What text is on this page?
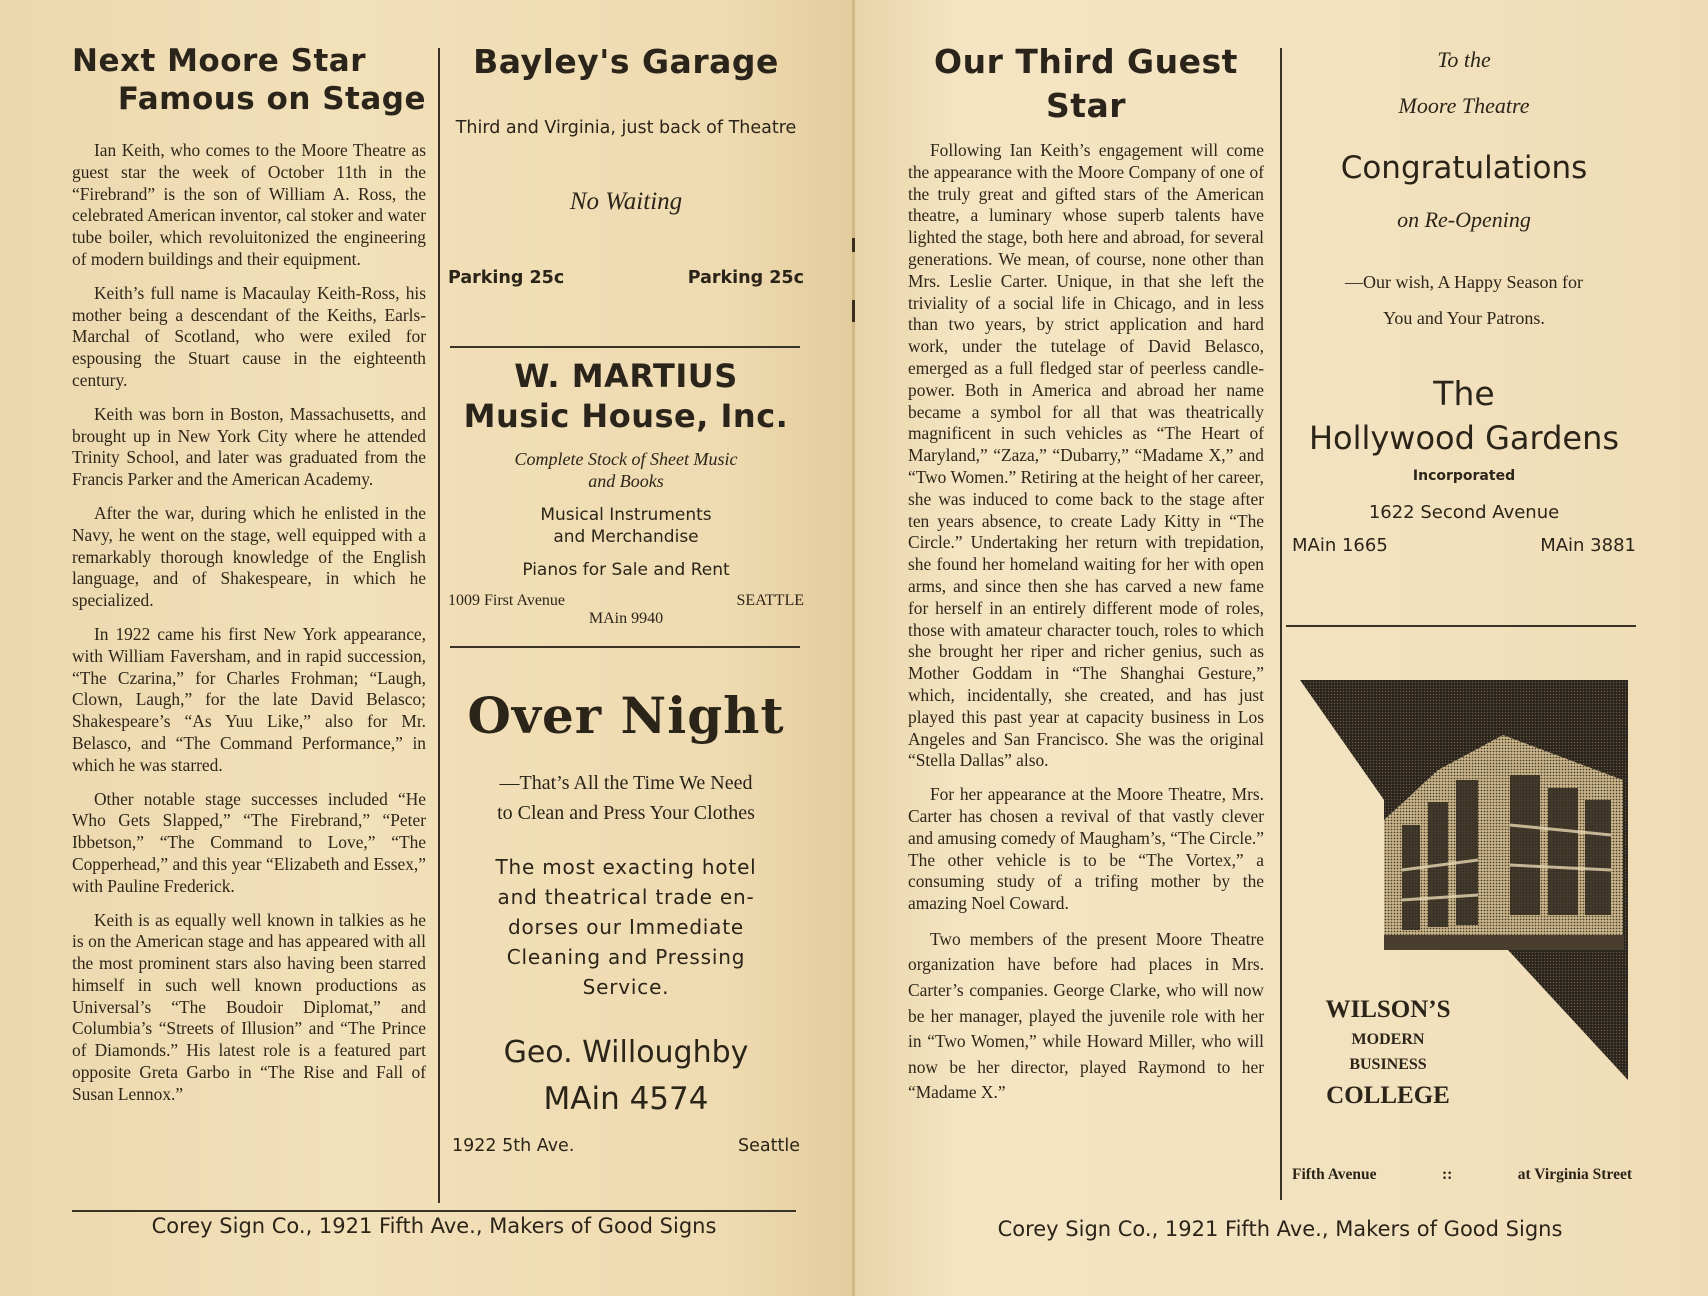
Next Moore Star
Famous on Stage

Ian Keith, who comes to the Moore Theatre as guest star the week of October 11th in the “Firebrand” is the son of William A. Ross, the celebrated American inventor, cal stoker and water tube boiler, which revoluitonized the engineering of modern buildings and their equipment.

Keith’s full name is Macaulay Keith-Ross, his mother being a descendant of the Keiths, Earls-Marchal of Scotland, who were exiled for espousing the Stuart cause in the eighteenth century.

Keith was born in Boston, Massachusetts, and brought up in New York City where he attended Trinity School, and later was graduated from the Francis Parker and the American Academy.

After the war, during which he enlisted in the Navy, he went on the stage, well equipped with a remarkably thorough knowledge of the English language, and of Shakespeare, in which he specialized.

In 1922 came his first New York appearance, with William Faversham, and in rapid succession, “The Czarina,” for Charles Frohman; “Laugh, Clown, Laugh,” for the late David Belasco; Shakespeare’s “As Yuu Like,” also for Mr. Belasco, and “The Command Performance,” in which he was starred.

Other notable stage successes included “He Who Gets Slapped,” “The Firebrand,” “Peter Ibbetson,” “The Command to Love,” “The Copperhead,” and this year “Elizabeth and Essex,” with Pauline Frederick.

Keith is as equally well known in talkies as he is on the American stage and has appeared with all the most prominent stars also having been starred himself in such well known productions as Universal’s “The Boudoir Diplomat,” and Columbia’s “Streets of Illusion” and “The Prince of Diamonds.” His latest role is a featured part opposite Greta Garbo in “The Rise and Fall of Susan Lennox.”

Bayley's Garage
Third and Virginia, just back of Theatre
No Waiting
Parking 25c	Parking 25c
W. MARTIUS
Music House, Inc.
Complete Stock of Sheet Music
and Books
Musical Instruments
and Merchandise
Pianos for Sale and Rent
1009 First Avenue	SEATTLE
MAin 9940
Over Night
—That’s All the Time We Need
to Clean and Press Your Clothes
The most exacting hotel
and theatrical trade en-
dorses our Immediate
Cleaning and Pressing
Service.
Geo. Willoughby
MAin 4574
1922 5th Ave.	Seattle
Corey Sign Co., 1921 Fifth Ave., Makers of Good Signs
Our Third Guest Star

Following Ian Keith’s engagement will come the appearance with the Moore Company of one of the truly great and gifted stars of the American theatre, a luminary whose superb talents have lighted the stage, both here and abroad, for several generations. We mean, of course, none other than Mrs. Leslie Carter. Unique, in that she left the triviality of a social life in Chicago, and in less than two years, by strict application and hard work, under the tutelage of David Belasco, emerged as a full fledged star of peerless candle-power. Both in America and abroad her name became a symbol for all that was theatrically magnificent in such vehicles as “The Heart of Maryland,” “Zaza,” “Dubarry,” “Madame X,” and “Two Women.” Retiring at the height of her career, she was induced to come back to the stage after ten years absence, to create Lady Kitty in “The Circle.” Undertaking her return with trepidation, she found her homeland waiting for her with open arms, and since then she has carved a new fame for herself in an entirely different mode of roles, those with amateur character touch, roles to which she brought her riper and richer genius, such as Mother Goddam in “The Shanghai Gesture,” which, incidentally, she created, and has just played this past year at capacity business in Los Angeles and San Francisco. She was the original “Stella Dallas” also.

For her appearance at the Moore Theatre, Mrs. Carter has chosen a revival of that vastly clever and amusing comedy of Maugham’s, “The Circle.” The other vehicle is to be “The Vortex,” a consuming study of a trifing mother by the amazing Noel Coward.

Two members of the present Moore Theatre organization have before had places in Mrs. Carter’s companies. George Clarke, who will now be her manager, played the juvenile role with her in “Two Women,” while Howard Miller, who will now be her director, played Raymond to her “Madame X.”

To the
Moore Theatre
Congratulations
on Re-Opening
—Our wish, A Happy Season for
You and Your Patrons.
The
Hollywood Gardens
Incorporated
1622 Second Avenue
MAin 1665	MAin 3881
WILSON’S
MODERN
BUSINESS
COLLEGE
Fifth Avenue	::	at Virginia Street
Corey Sign Co., 1921 Fifth Ave., Makers of Good Signs
